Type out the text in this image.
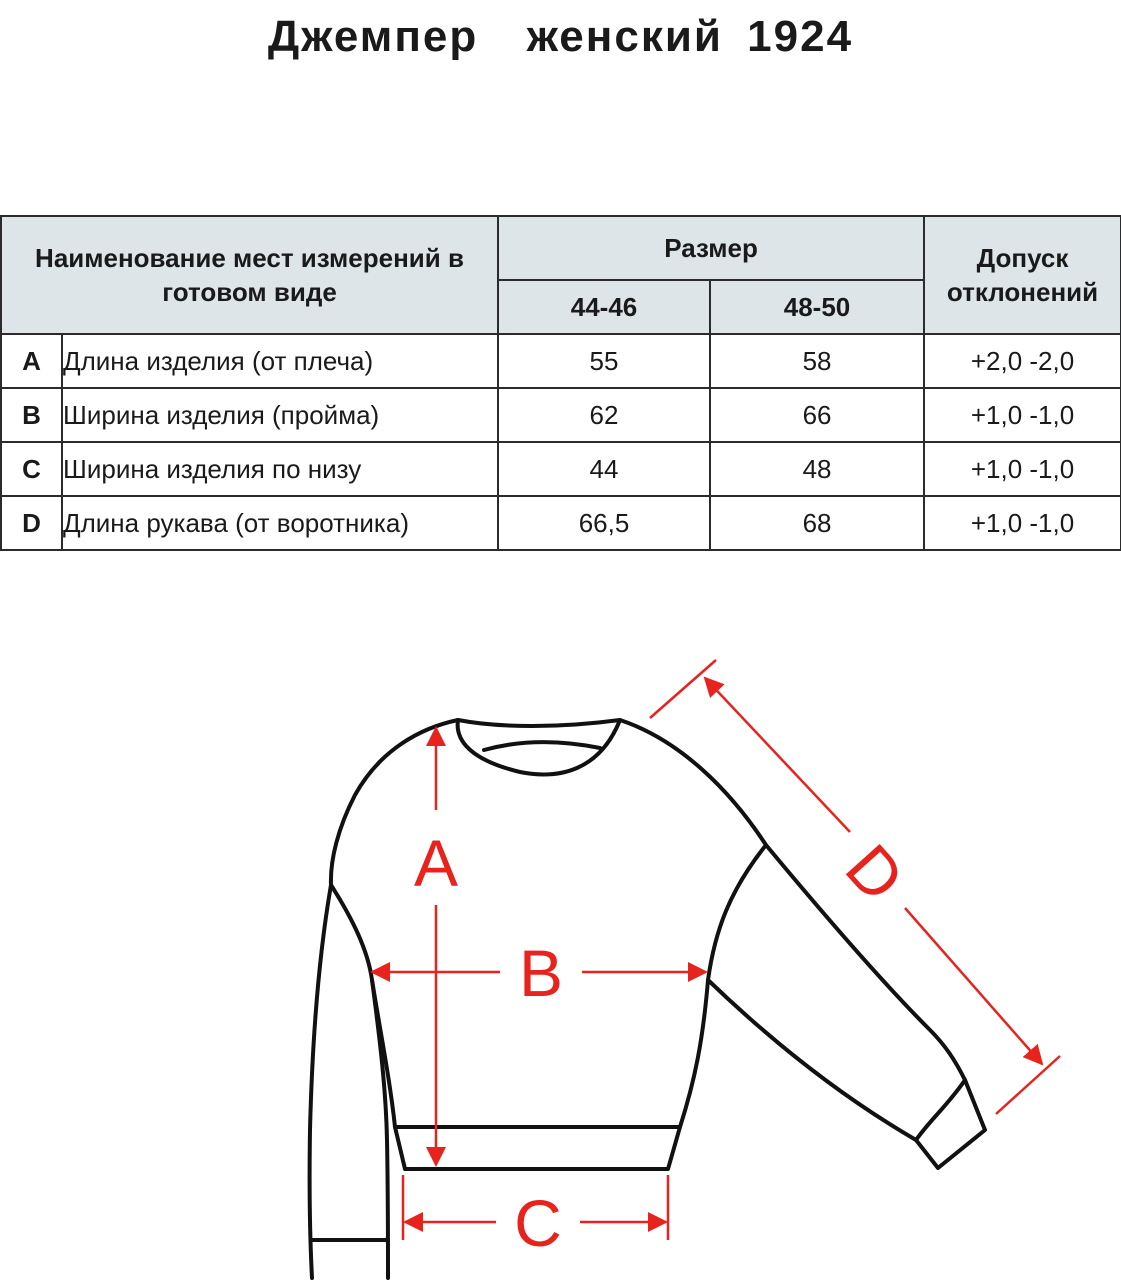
Джемпер  женский 1924
Наименование мест измерений в готовом виде		Размер		Допуск отклонений
		44-46	48-50	
A	Длина изделия (от плеча)	55	58	+2,0 -2,0
B	Ширина изделия (пройма)	62	66	+1,0 -1,0
C	Ширина изделия по низу	44	48	+1,0 -1,0
D	Длина рукава (от воротника)	66,5	68	+1,0 -1,0
A
B
C
D
